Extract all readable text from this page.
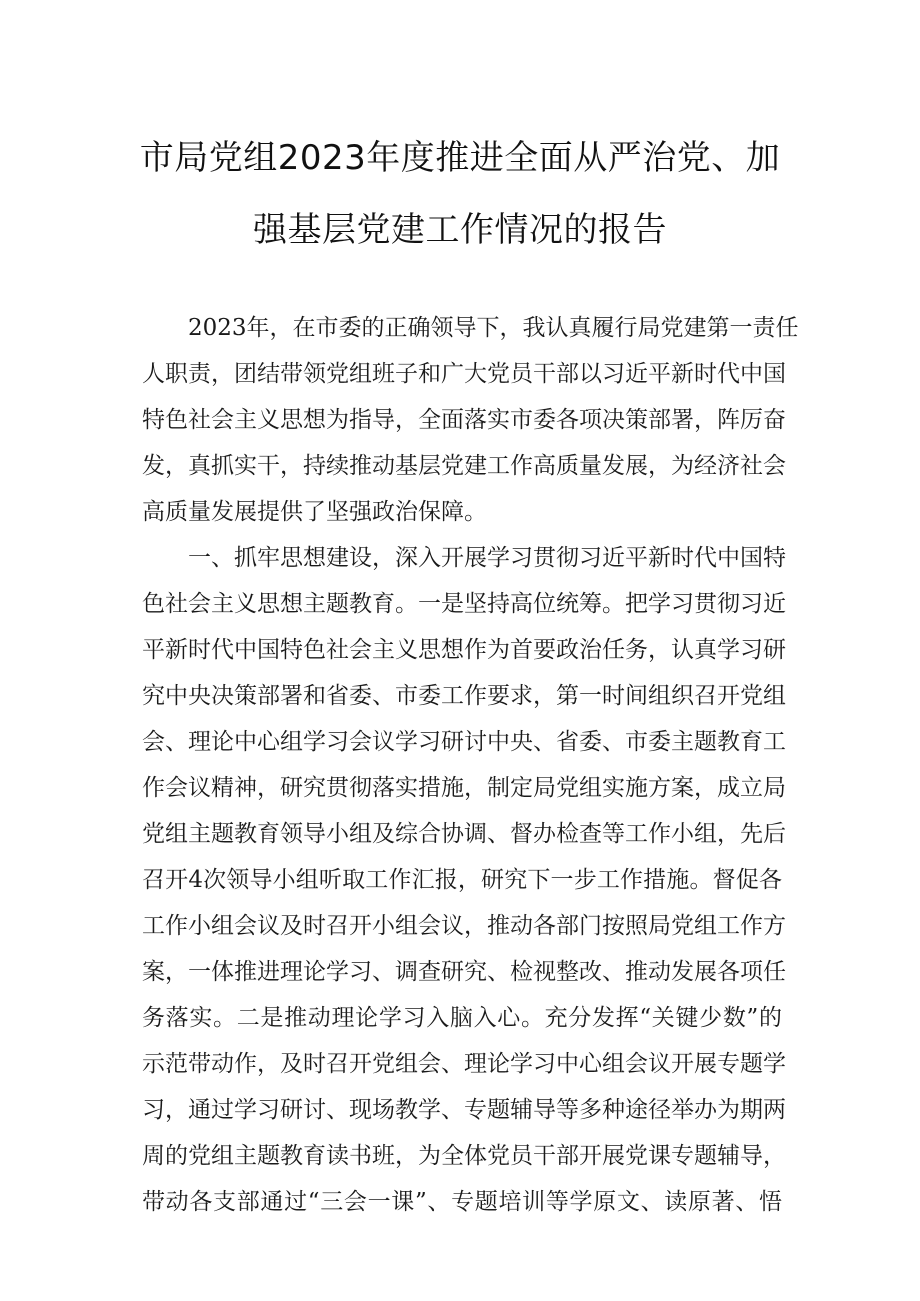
市局党组2023年度推进全面从严治党、加
强基层党建工作情况的报告
2023年，在市委的正确领导下，我认真履行局党建第一责任
人职责，团结带领党组班子和广大党员干部以习近平新时代中国
特色社会主义思想为指导，全面落实市委各项决策部署，阵厉奋
发，真抓实干，持续推动基层党建工作高质量发展，为经济社会
高质量发展提供了坚强政治保障。
一、抓牢思想建设，深入开展学习贯彻习近平新时代中国特
色社会主义思想主题教育。一是坚持高位统筹。把学习贯彻习近
平新时代中国特色社会主义思想作为首要政治任务，认真学习研
究中央决策部署和省委、市委工作要求，第一时间组织召开党组
会、理论中心组学习会议学习研讨中央、省委、市委主题教育工
作会议精神，研究贯彻落实措施，制定局党组实施方案，成立局
党组主题教育领导小组及综合协调、督办检查等工作小组，先后
召开4次领导小组听取工作汇报，研究下一步工作措施。督促各
工作小组会议及时召开小组会议，推动各部门按照局党组工作方
案，一体推进理论学习、调查研究、检视整改、推动发展各项任
务落实。二是推动理论学习入脑入心。充分发挥“关键少数”的
示范带动作，及时召开党组会、理论学习中心组会议开展专题学
习，通过学习研讨、现场教学、专题辅导等多种途径举办为期两
周的党组主题教育读书班，为全体党员干部开展党课专题辅导，
带动各支部通过“三会一课”、专题培训等学原文、读原著、悟
